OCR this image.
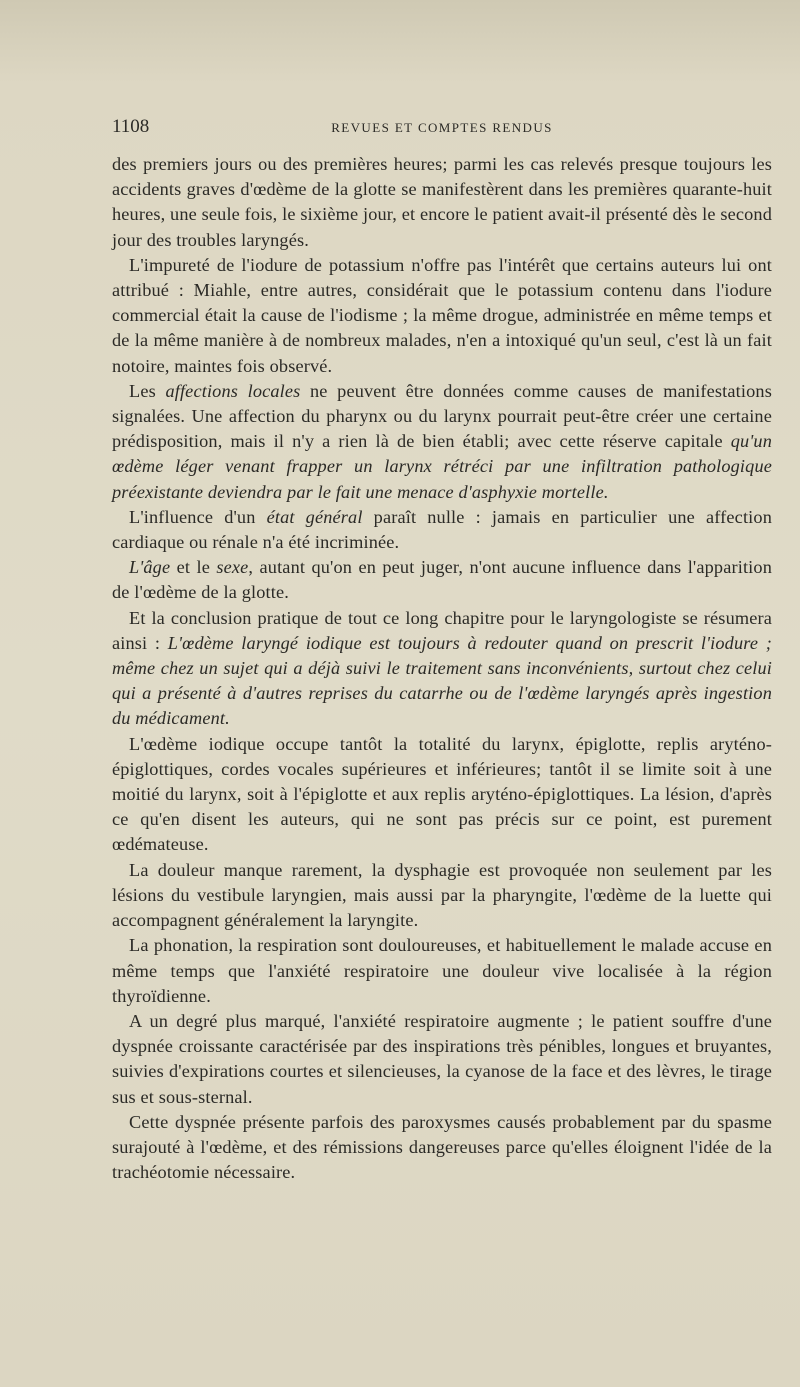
1108	REVUES ET COMPTES RENDUS

des premiers jours ou des premières heures; parmi les cas relevés presque toujours les accidents graves d'œdème de la glotte se manifestèrent dans les premières quarante-huit heures, une seule fois, le sixième jour, et encore le patient avait-il présenté dès le second jour des troubles laryngés.

L'impureté de l'iodure de potassium n'offre pas l'intérêt que certains auteurs lui ont attribué : Miahle, entre autres, considérait que le potassium contenu dans l'iodure commercial était la cause de l'iodisme ; la même drogue, administrée en même temps et de la même manière à de nombreux malades, n'en a intoxiqué qu'un seul, c'est là un fait notoire, maintes fois observé.

Les affections locales ne peuvent être données comme causes de manifestations signalées. Une affection du pharynx ou du larynx pourrait peut-être créer une certaine prédisposition, mais il n'y a rien là de bien établi; avec cette réserve capitale qu'un œdème léger venant frapper un larynx rétréci par une infiltration pathologique préexistante deviendra par le fait une menace d'asphyxie mortelle.

L'influence d'un état général paraît nulle : jamais en particulier une affection cardiaque ou rénale n'a été incriminée.

L'âge et le sexe, autant qu'on en peut juger, n'ont aucune influence dans l'apparition de l'œdème de la glotte.

Et la conclusion pratique de tout ce long chapitre pour le laryngologiste se résumera ainsi : L'œdème laryngé iodique est toujours à redouter quand on prescrit l'iodure ; même chez un sujet qui a déjà suivi le traitement sans inconvénients, surtout chez celui qui a présenté à d'autres reprises du catarrhe ou de l'œdème laryngés après ingestion du médicament.

L'œdème iodique occupe tantôt la totalité du larynx, épiglotte, replis aryténo-épiglottiques, cordes vocales supérieures et inférieures; tantôt il se limite soit à une moitié du larynx, soit à l'épiglotte et aux replis aryténo-épiglottiques. La lésion, d'après ce qu'en disent les auteurs, qui ne sont pas précis sur ce point, est purement œdémateuse.

La douleur manque rarement, la dysphagie est provoquée non seulement par les lésions du vestibule laryngien, mais aussi par la pharyngite, l'œdème de la luette qui accompagnent généralement la laryngite.

La phonation, la respiration sont douloureuses, et habituellement le malade accuse en même temps que l'anxiété respiratoire une douleur vive localisée à la région thyroïdienne.

A un degré plus marqué, l'anxiété respiratoire augmente ; le patient souffre d'une dyspnée croissante caractérisée par des inspirations très pénibles, longues et bruyantes, suivies d'expirations courtes et silencieuses, la cyanose de la face et des lèvres, le tirage sus et sous-sternal.

Cette dyspnée présente parfois des paroxysmes causés probablement par du spasme surajouté à l'œdème, et des rémissions dangereuses parce qu'elles éloignent l'idée de la trachéotomie nécessaire.
